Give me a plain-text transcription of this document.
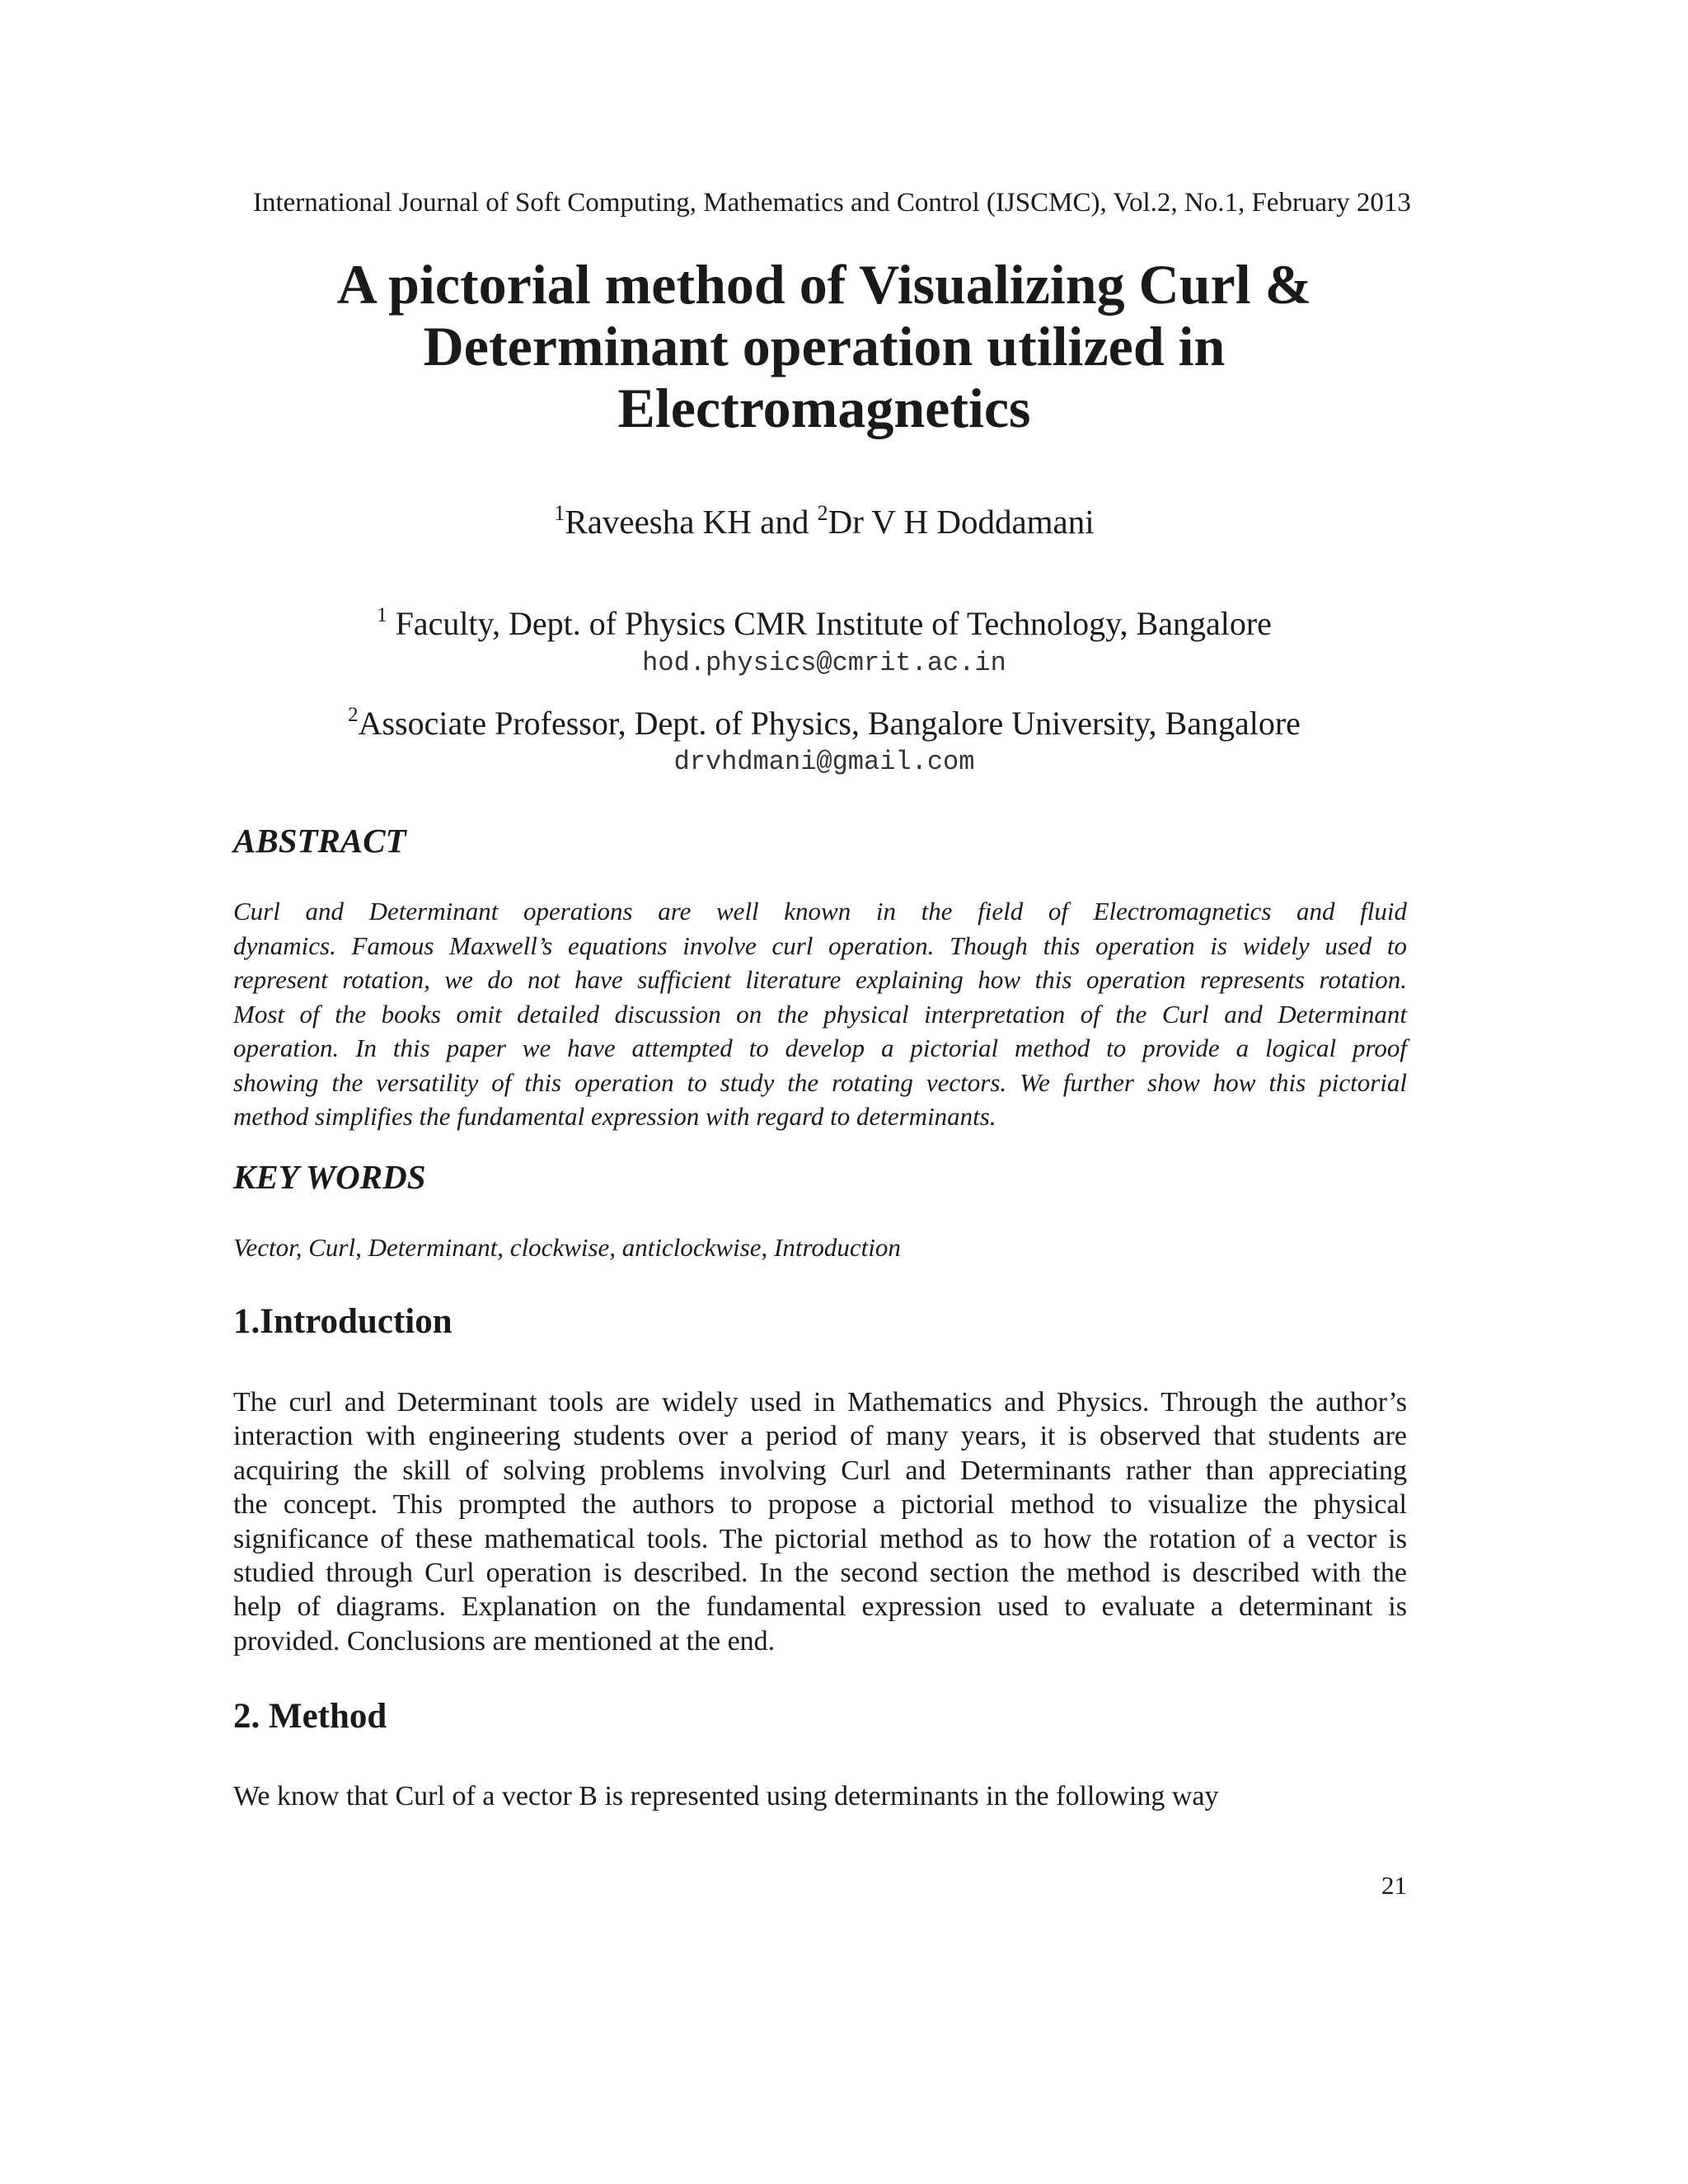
International Journal of Soft Computing, Mathematics and Control (IJSCMC), Vol.2, No.1, February 2013
A pictorial method of Visualizing Curl &
Determinant operation utilized in
Electromagnetics
$^1$Raveesha KH and $^2$Dr V H Doddamani
$^1$ Faculty, Dept. of Physics CMR Institute of Technology, Bangalore
hod.physics@cmrit.ac.in
$^2$Associate Professor, Dept. of Physics, Bangalore University, Bangalore
drvhdmani@gmail.com
ABSTRACT
Curl and Determinant operations are well known in the field of Electromagnetics and fluid
dynamics. Famous Maxwell’s equations involve curl operation. Though this operation is widely used to
represent rotation, we do not have sufficient literature explaining how this operation represents rotation.
Most of the books omit detailed discussion on the physical interpretation of the Curl and Determinant
operation. In this paper we have attempted to develop a pictorial method to provide a logical proof
showing the versatility of this operation to study the rotating vectors. We further show how this pictorial
method simplifies the fundamental expression with regard to determinants.
KEY WORDS
Vector, Curl, Determinant, clockwise, anticlockwise, Introduction
1.Introduction
The curl and Determinant tools are widely used in Mathematics and Physics. Through the author’s
interaction with engineering students over a period of many years, it is observed that students are
acquiring the skill of solving problems involving Curl and Determinants rather than appreciating
the concept. This prompted the authors to propose a pictorial method to visualize the physical
significance of these mathematical tools. The pictorial method as to how the rotation of a vector is
studied through Curl operation is described. In the second section the method is described with the
help of diagrams. Explanation on the fundamental expression used to evaluate a determinant is
provided. Conclusions are mentioned at the end.
2. Method
We know that Curl of a vector B is represented using determinants in the following way
21
